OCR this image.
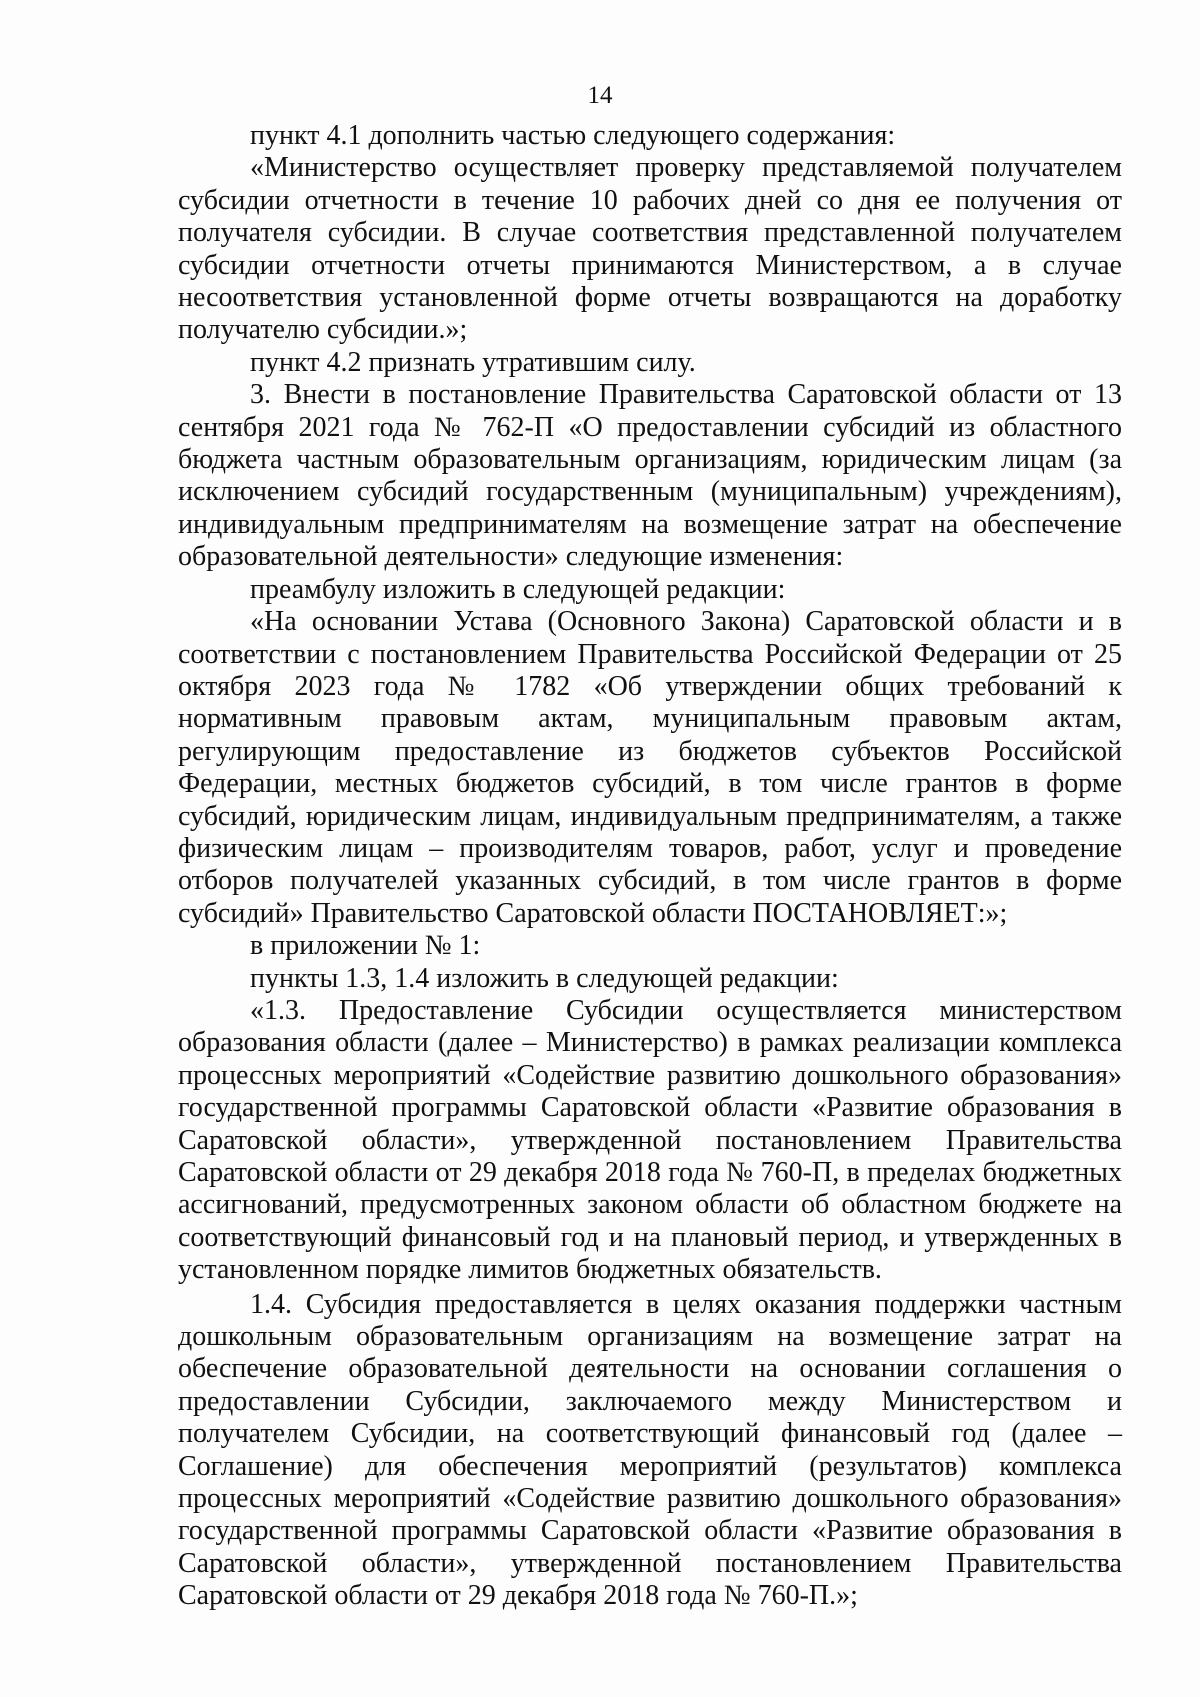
14

пункт 4.1 дополнить частью следующего содержания:

«Министерство осуществляет проверку представляемой получателем субсидии отчетности в течение 10 рабочих дней со дня ее получения от получателя субсидии. В случае соответствия представленной получателем субсидии отчетности отчеты принимаются Министерством, а в случае несоответствия установленной форме отчеты возвращаются на доработку получателю субсидии.»;

пункт 4.2 признать утратившим силу.

3. Внести в постановление Правительства Саратовской области от 13 сентября 2021 года № 762-П «О предоставлении субсидий из областного бюджета частным образовательным организациям, юридическим лицам (за исключением субсидий государственным (муниципальным) учреждениям), индивидуальным предпринимателям на возмещение затрат на обеспечение образовательной деятельности» следующие изменения:

преамбулу изложить в следующей редакции:

«На основании Устава (Основного Закона) Саратовской области и в соответствии с постановлением Правительства Российской Федерации от 25 октября 2023 года № 1782 «Об утверждении общих требований к нормативным правовым актам, муниципальным правовым актам, регулирующим предоставление из бюджетов субъектов Российской Федерации, местных бюджетов субсидий, в том числе грантов в форме субсидий, юридическим лицам, индивидуальным предпринимателям, а также физическим лицам – производителям товаров, работ, услуг и проведение отборов получателей указанных субсидий, в том числе грантов в форме субсидий» Правительство Саратовской области ПОСТАНОВЛЯЕТ:»;

в приложении № 1:

пункты 1.3, 1.4 изложить в следующей редакции:

«1.3. Предоставление Субсидии осуществляется министерством образования области (далее – Министерство) в рамках реализации комплекса процессных мероприятий «Содействие развитию дошкольного образования» государственной программы Саратовской области «Развитие образования в Саратовской области», утвержденной постановлением Правительства Саратовской области от 29 декабря 2018 года № 760-П, в пределах бюджетных ассигнований, предусмотренных законом области об областном бюджете на соответствующий финансовый год и на плановый период, и утвержденных в установленном порядке лимитов бюджетных обязательств.

1.4. Субсидия предоставляется в целях оказания поддержки частным дошкольным образовательным организациям на возмещение затрат на обеспечение образовательной деятельности на основании соглашения о предоставлении Субсидии, заключаемого между Министерством и получателем Субсидии, на соответствующий финансовый год (далее – Соглашение) для обеспечения мероприятий (результатов) комплекса процессных мероприятий «Содействие развитию дошкольного образования» государственной программы Саратовской области «Развитие образования в Саратовской области», утвержденной постановлением Правительства Саратовской области от 29 декабря 2018 года № 760-П.»;
